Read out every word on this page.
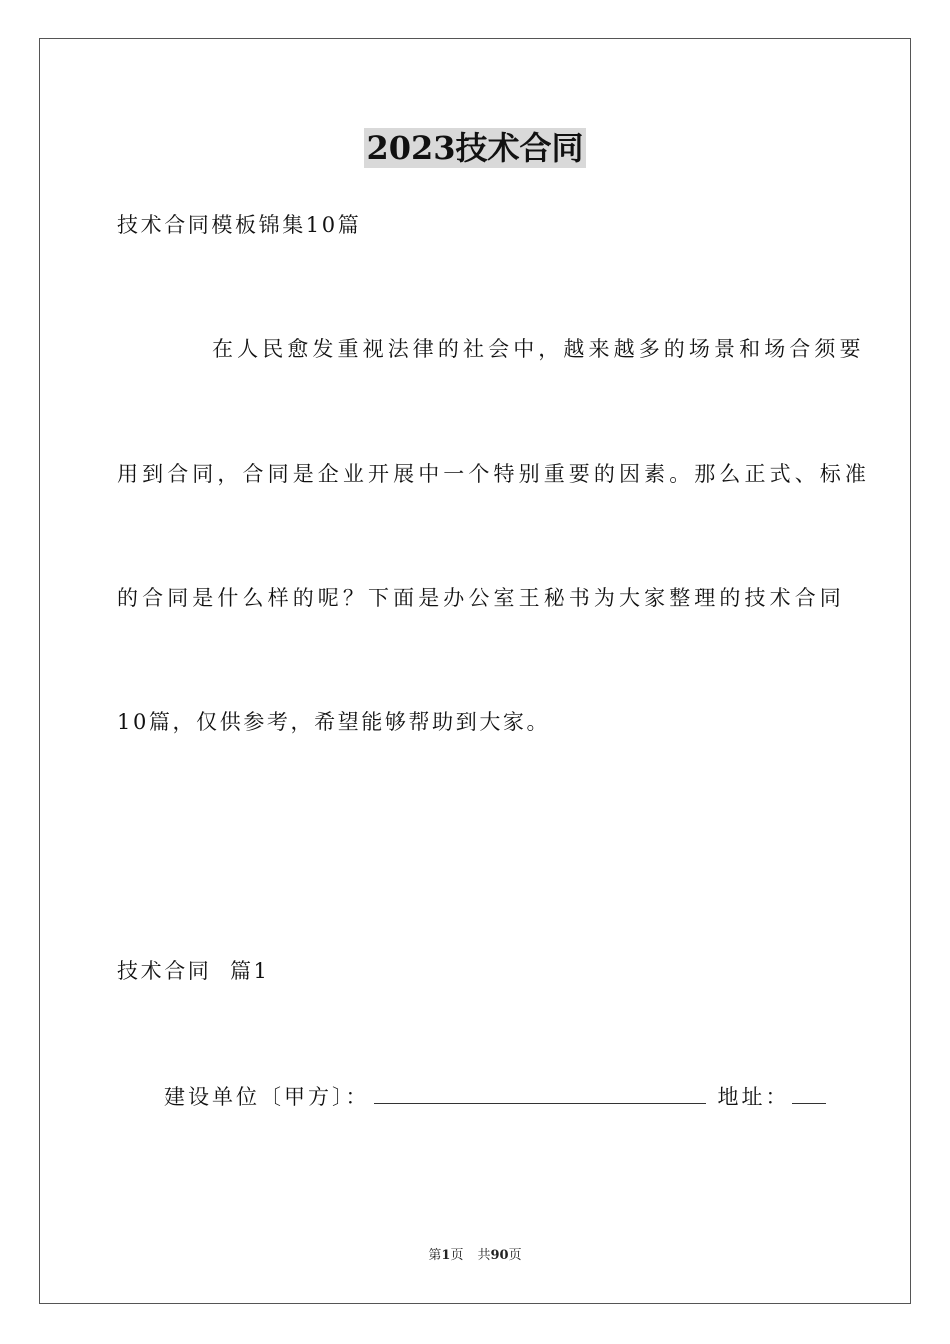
2023技术合同
技术合同模板锦集10篇
在人民愈发重视法律的社会中，越来越多的场景和场合须要
用到合同，合同是企业开展中一个特别重要的因素。那么正式、标准
的合同是什么样的呢？下面是办公室王秘书为大家整理的技术合同
10篇，仅供参考，希望能够帮助到大家。
技术合同  篇1
建设单位〔甲方〕：	地址：
第1页 共90页
